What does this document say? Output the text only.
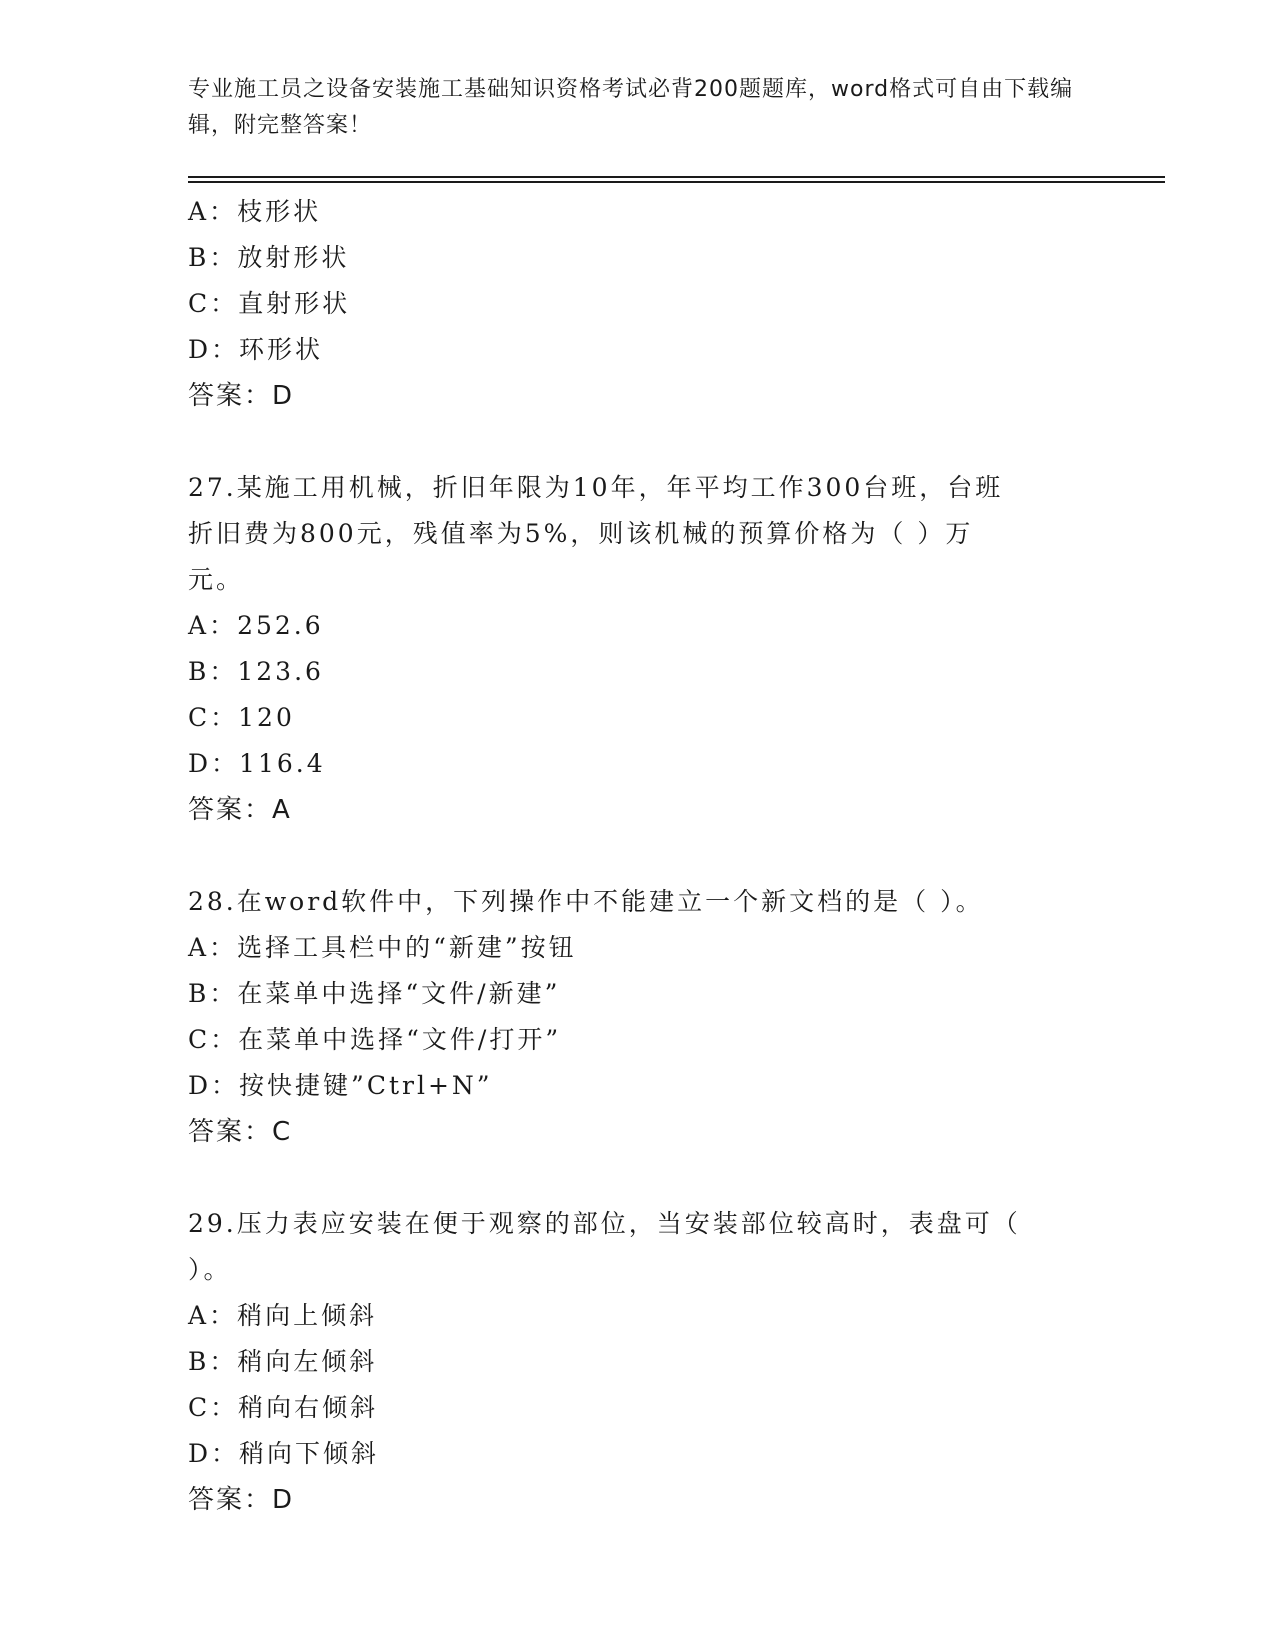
专业施工员之设备安装施工基础知识资格考试必背200题题库，word格式可自由下载编辑，附完整答案！

A：枝形状
B：放射形状
C：直射形状
D：环形状
答案：D

27.某施工用机械，折旧年限为10年，年平均工作300台班，台班折旧费为800元，残值率为5%，则该机械的预算价格为（ ）万元。

A：252.6
B：123.6
C：120
D：116.4
答案：A

28.在word软件中，下列操作中不能建立一个新文档的是（ ）。

A：选择工具栏中的“新建”按钮
B：在菜单中选择“文件/新建”
C：在菜单中选择“文件/打开”
D：按快捷键”Ctrl+N”
答案：C

29.压力表应安装在便于观察的部位，当安装部位较高时，表盘可（ ）。

A：稍向上倾斜
B：稍向左倾斜
C：稍向右倾斜
D：稍向下倾斜
答案：D
